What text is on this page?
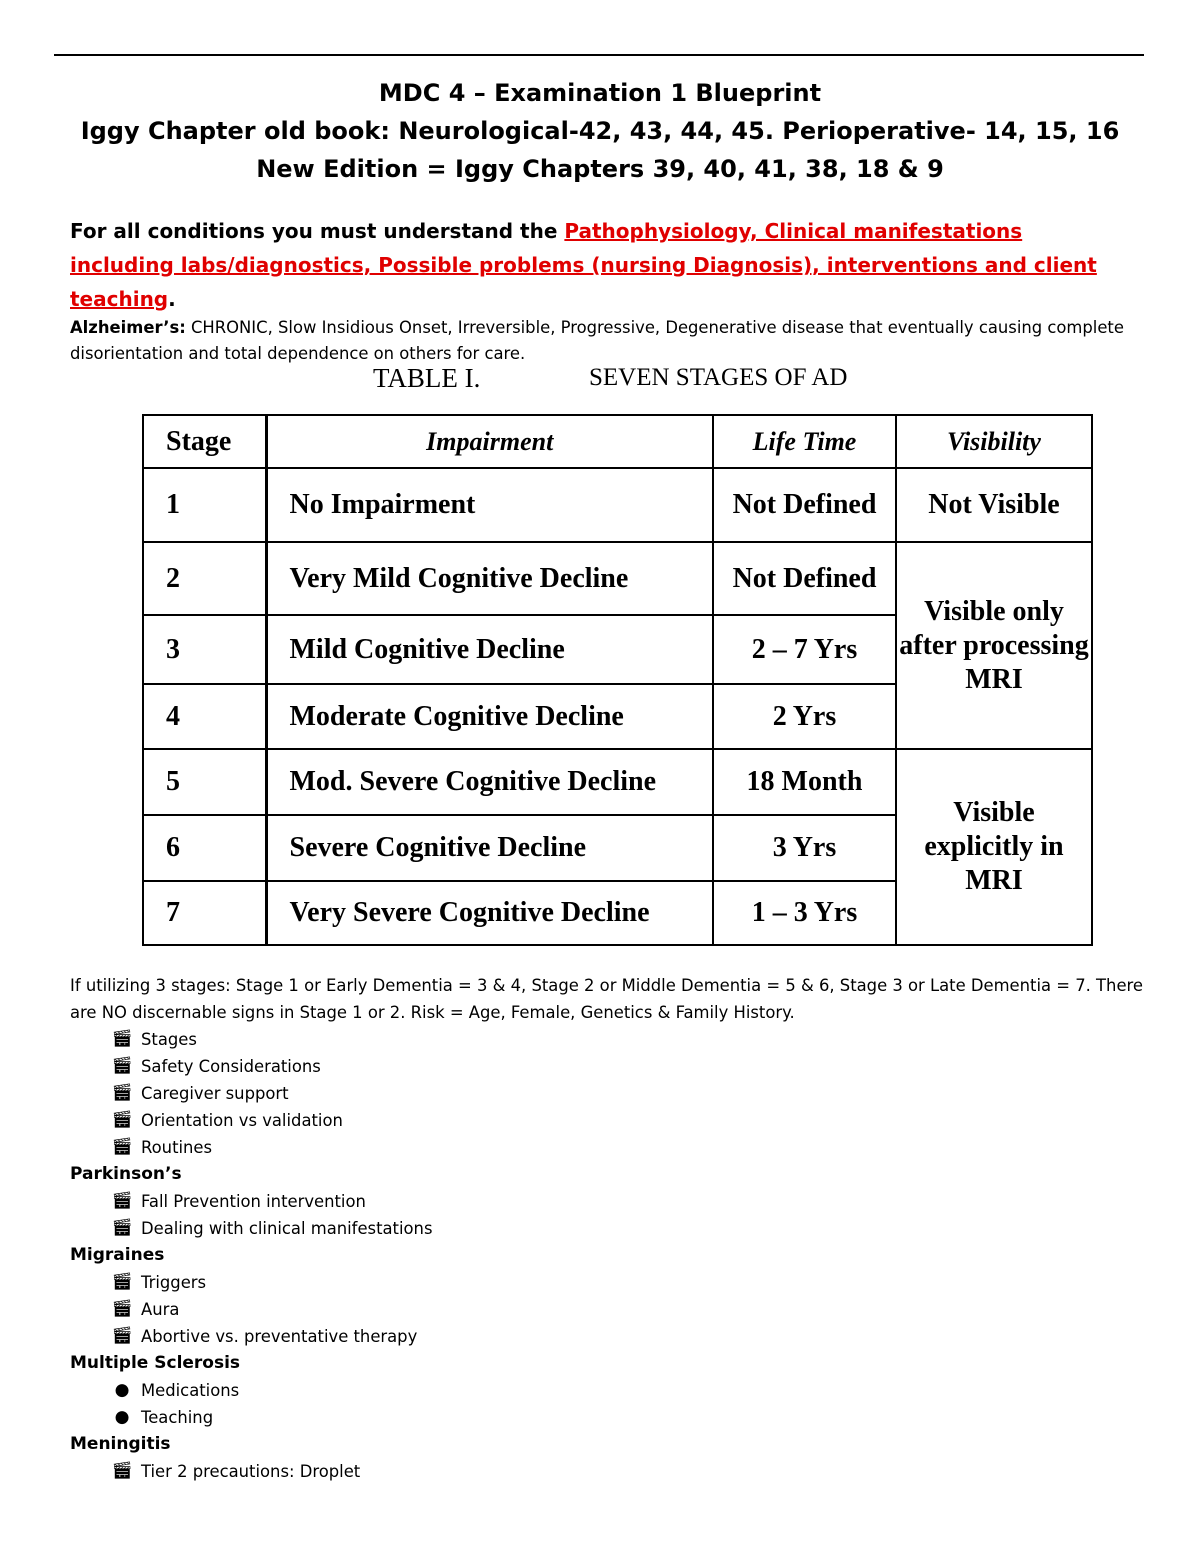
MDC 4 – Examination 1 Blueprint
Iggy Chapter old book: Neurological-42, 43, 44, 45. Perioperative- 14, 15, 16
New Edition = Iggy Chapters 39, 40, 41, 38, 18 & 9
For all conditions you must understand the Pathophysiology, Clinical manifestations
including labs/diagnostics, Possible problems (nursing Diagnosis), interventions and client
teaching.
Alzheimer’s: CHRONIC, Slow Insidious Onset, Irreversible, Progressive, Degenerative disease that eventually causing complete disorientation and total dependence on others for care.
TABLE I.	SEVEN STAGES OF AD
Stage	Impairment	Life Time	Visibility
1	No Impairment	Not Defined	Not Visible
2	Very Mild Cognitive Decline	Not Defined	Visible only after processing MRI
3	Mild Cognitive Decline	2 – 7 Yrs	
4	Moderate Cognitive Decline	2 Yrs	
5	Mod. Severe Cognitive Decline	18 Month	Visible explicitly in MRI
6	Severe Cognitive Decline	3 Yrs	
7	Very Severe Cognitive Decline	1 – 3 Yrs	

If utilizing 3 stages: Stage 1 or Early Dementia = 3 & 4, Stage 2 or Middle Dementia = 5 & 6, Stage 3 or Late Dementia = 7. There are NO discernable signs in Stage 1 or 2. Risk = Age, Female, Genetics & Family History.

🎬︎ Stages
🎬︎ Safety Considerations
🎬︎ Caregiver support
🎬︎ Orientation vs validation
🎬︎ Routines

Parkinson’s

🎬︎ Fall Prevention intervention
🎬︎ Dealing with clinical manifestations

Migraines

🎬︎ Triggers
🎬︎ Aura
🎬︎ Abortive vs. preventative therapy

Multiple Sclerosis

● Medications
● Teaching

Meningitis

🎬︎ Tier 2 precautions: Droplet
